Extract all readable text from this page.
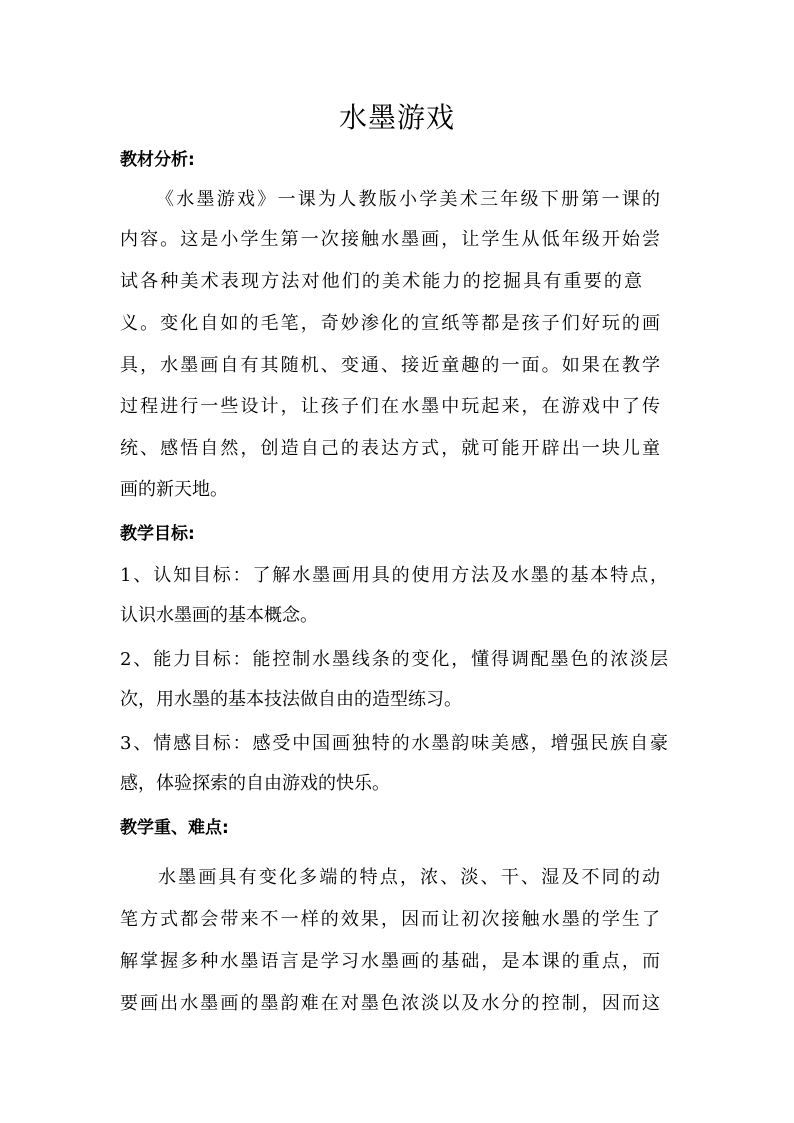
水墨游戏
教材分析:
《水墨游戏》一课为人教版小学美术三年级下册第一课的
内容。这是小学生第一次接触水墨画，让学生从低年级开始尝
试各种美术表现方法对他们的美术能力的挖掘具有重要的意
义。变化自如的毛笔，奇妙渗化的宣纸等都是孩子们好玩的画
具，水墨画自有其随机、变通、接近童趣的一面。如果在教学
过程进行一些设计，让孩子们在水墨中玩起来，在游戏中了传
统、感悟自然，创造自己的表达方式，就可能开辟出一块儿童
画的新天地。
教学目标:
1、认知目标：了解水墨画用具的使用方法及水墨的基本特点，
认识水墨画的基本概念。
2、能力目标：能控制水墨线条的变化，懂得调配墨色的浓淡层
次，用水墨的基本技法做自由的造型练习。
3、情感目标：感受中国画独特的水墨韵味美感，增强民族自豪
感，体验探索的自由游戏的快乐。
教学重、难点:
水墨画具有变化多端的特点，浓、淡、干、湿及不同的动
笔方式都会带来不一样的效果，因而让初次接触水墨的学生了
解掌握多种水墨语言是学习水墨画的基础，是本课的重点，而
要画出水墨画的墨韵难在对墨色浓淡以及水分的控制，因而这
